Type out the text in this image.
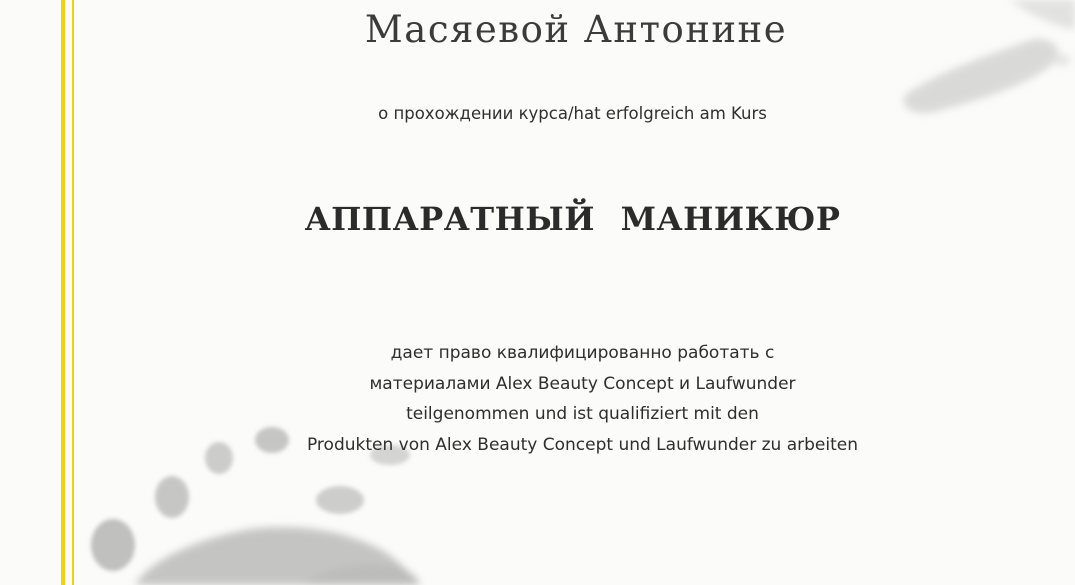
Масяевой Антонине
о прохождении курса/hat erfolgreich am Kurs
АППАРАТНЫЙ МАНИКЮР
дает право квалифицированно работать с
материалами Alex Beauty Concept и Laufwunder
teilgenommen und ist qualifiziert mit den
Produkten von Alex Beauty Concept und Laufwunder zu arbeiten
